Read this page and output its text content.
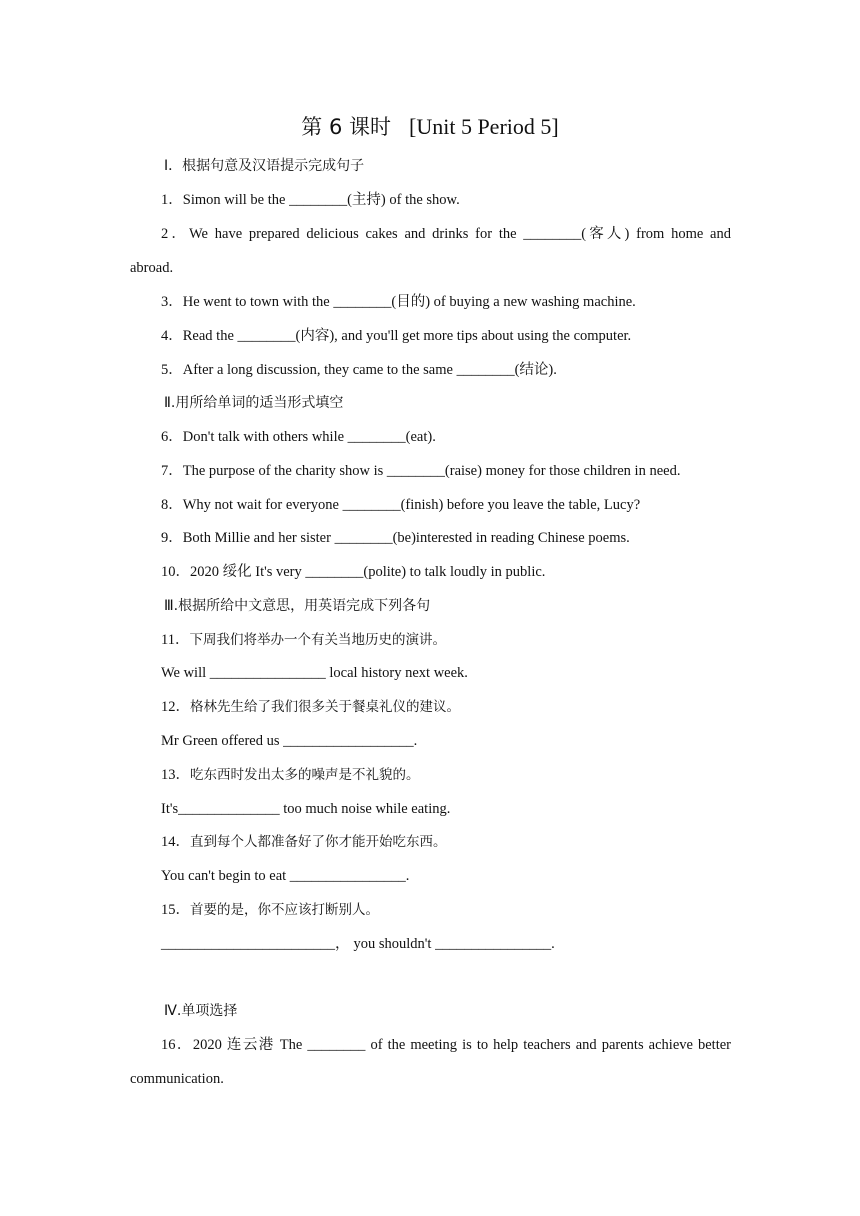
第 6 课时 [Unit 5 Period 5]
Ⅰ．根据句意及汉语提示完成句子
1．Simon will be the ________(主持) of the show.
2．We have prepared delicious cakes and drinks for the ________(客人) from home and
abroad.
3．He went to town with the ________(目的) of buying a new washing machine.
4．Read the ________(内容), and you'll get more tips about using the computer.
5．After a long discussion, they came to the same ________(结论).
Ⅱ.用所给单词的适当形式填空
6．Don't talk with others while ________(eat).
7．The purpose of the charity show is ________(raise) money for those children in need.
8．Why not wait for everyone ________(finish) before you leave the table, Lucy?
9．Both Millie and her sister ________(be)interested in reading Chinese poems.
10．2020 绥化 It's very ________(polite) to talk loudly in public.
Ⅲ.根据所给中文意思，用英语完成下列各句
11．下周我们将举办一个有关当地历史的演讲。
We will ________________ local history next week.
12．格林先生给了我们很多关于餐桌礼仪的建议。
Mr Green offered us __________________.
13．吃东西时发出太多的噪声是不礼貌的。
It's______________ too much noise while eating.
14．直到每个人都准备好了你才能开始吃东西。
You can't begin to eat ________________.
15．首要的是，你不应该打断别人。
________________________， you shouldn't ________________.
Ⅳ.单项选择
16．2020 连云港 The ________ of the meeting is to help teachers and parents achieve better
communication.
